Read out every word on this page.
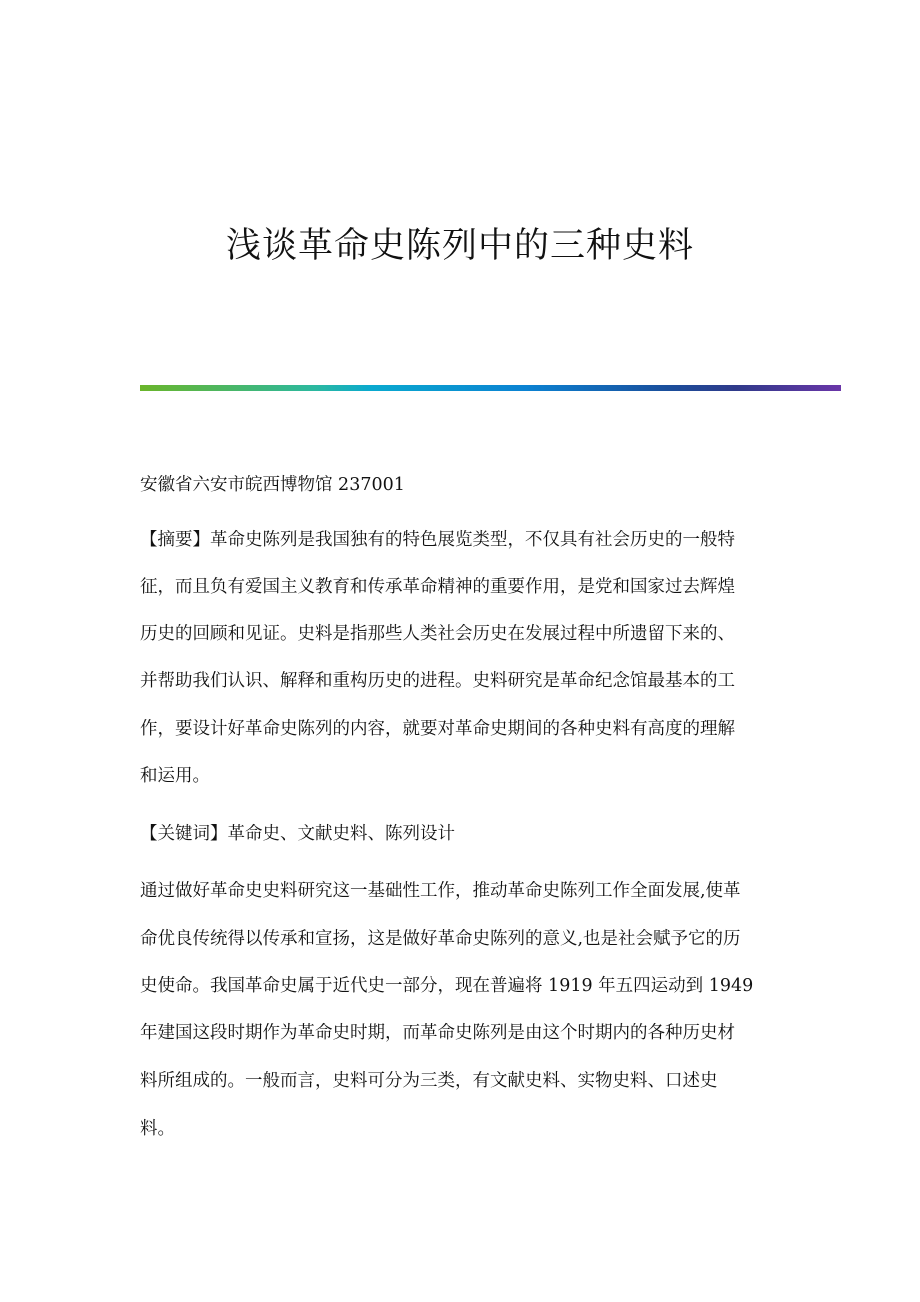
浅谈革命史陈列中的三种史料
安徽省六安市皖西博物馆 237001
【摘要】革命史陈列是我国独有的特色展览类型，不仅具有社会历史的一般特
征，而且负有爱国主义教育和传承革命精神的重要作用，是党和国家过去辉煌
历史的回顾和见证。史料是指那些人类社会历史在发展过程中所遗留下来的、
并帮助我们认识、解释和重构历史的进程。史料研究是革命纪念馆最基本的工
作，要设计好革命史陈列的内容，就要对革命史期间的各种史料有高度的理解
和运用。
【关键词】革命史、文献史料、陈列设计
通过做好革命史史料研究这一基础性工作，推动革命史陈列工作全面发展,使革
命优良传统得以传承和宣扬，这是做好革命史陈列的意义,也是社会赋予它的历
史使命。我国革命史属于近代史一部分，现在普遍将 1919 年五四运动到 1949
年建国这段时期作为革命史时期，而革命史陈列是由这个时期内的各种历史材
料所组成的。一般而言，史料可分为三类，有文献史料、实物史料、口述史
料。
